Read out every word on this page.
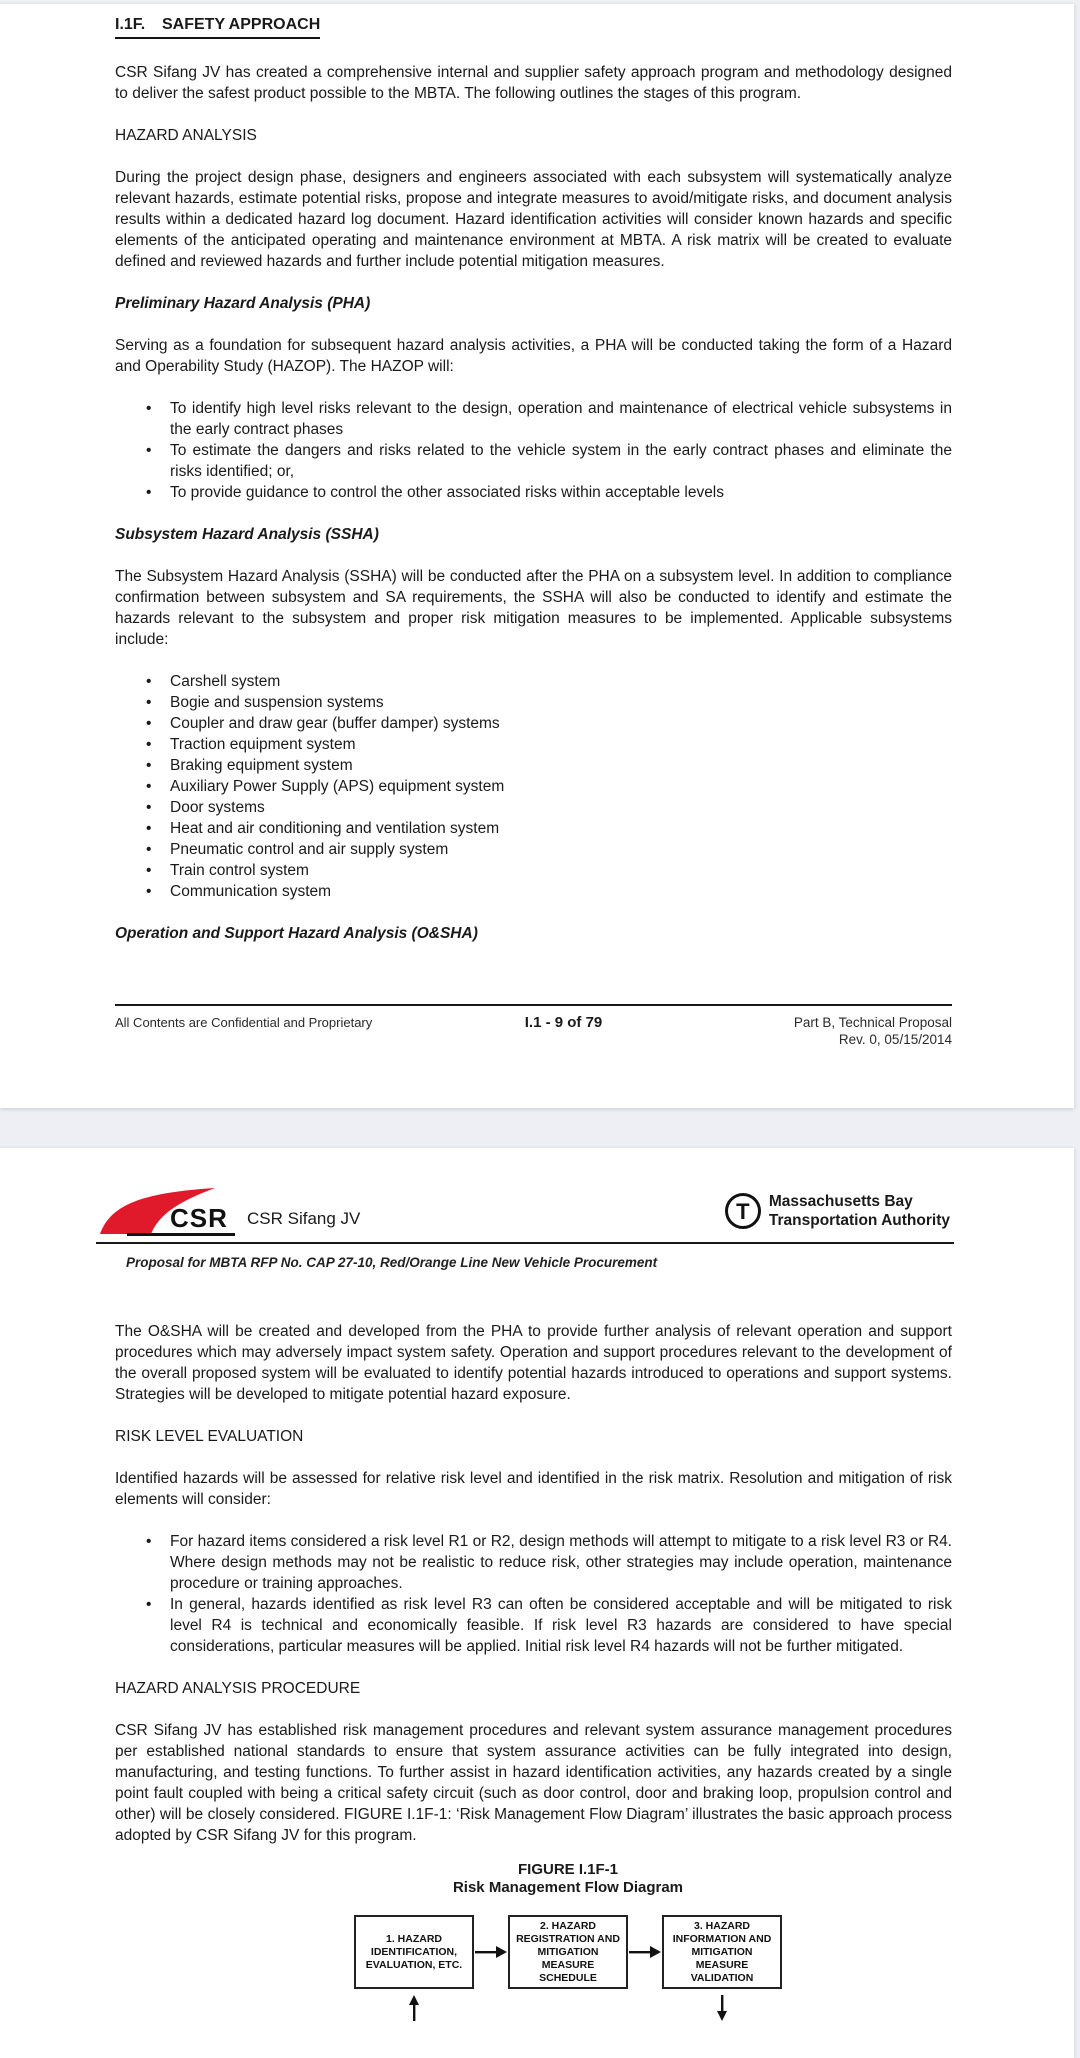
I.1F. SAFETY APPROACH

CSR Sifang JV has created a comprehensive internal and supplier safety approach program and methodology designed to deliver the safest product possible to the MBTA. The following outlines the stages of this program.

HAZARD ANALYSIS

During the project design phase, designers and engineers associated with each subsystem will systematically analyze relevant hazards, estimate potential risks, propose and integrate measures to avoid/mitigate risks, and document analysis results within a dedicated hazard log document. Hazard identification activities will consider known hazards and specific elements of the anticipated operating and maintenance environment at MBTA. A risk matrix will be created to evaluate defined and reviewed hazards and further include potential mitigation measures.

Preliminary Hazard Analysis (PHA)

Serving as a foundation for subsequent hazard analysis activities, a PHA will be conducted taking the form of a Hazard and Operability Study (HAZOP). The HAZOP will:

• To identify high level risks relevant to the design, operation and maintenance of electrical vehicle subsystems in the early contract phases
• To estimate the dangers and risks related to the vehicle system in the early contract phases and eliminate the risks identified; or,
• To provide guidance to control the other associated risks within acceptable levels

Subsystem Hazard Analysis (SSHA)

The Subsystem Hazard Analysis (SSHA) will be conducted after the PHA on a subsystem level. In addition to compliance confirmation between subsystem and SA requirements, the SSHA will also be conducted to identify and estimate the hazards relevant to the subsystem and proper risk mitigation measures to be implemented. Applicable subsystems include:

• Carshell system
• Bogie and suspension systems
• Coupler and draw gear (buffer damper) systems
• Traction equipment system
• Braking equipment system
• Auxiliary Power Supply (APS) equipment system
• Door systems
• Heat and air conditioning and ventilation system
• Pneumatic control and air supply system
• Train control system
• Communication system

Operation and Support Hazard Analysis (O&SHA)

All Contents are Confidential and Proprietary	I.1 - 9 of 79	Part B, Technical Proposal
Rev. 0, 05/15/2014
CSR CSR Sifang JV	T	Massachusetts Bay
Transportation Authority
Proposal for MBTA RFP No. CAP 27-10, Red/Orange Line New Vehicle Procurement

The O&SHA will be created and developed from the PHA to provide further analysis of relevant operation and support procedures which may adversely impact system safety. Operation and support procedures relevant to the development of the overall proposed system will be evaluated to identify potential hazards introduced to operations and support systems. Strategies will be developed to mitigate potential hazard exposure.

RISK LEVEL EVALUATION

Identified hazards will be assessed for relative risk level and identified in the risk matrix. Resolution and mitigation of risk elements will consider:

• For hazard items considered a risk level R1 or R2, design methods will attempt to mitigate to a risk level R3 or R4. Where design methods may not be realistic to reduce risk, other strategies may include operation, maintenance procedure or training approaches.
• In general, hazards identified as risk level R3 can often be considered acceptable and will be mitigated to risk level R4 is technical and economically feasible. If risk level R3 hazards are considered to have special considerations, particular measures will be applied. Initial risk level R4 hazards will not be further mitigated.

HAZARD ANALYSIS PROCEDURE

CSR Sifang JV has established risk management procedures and relevant system assurance management procedures per established national standards to ensure that system assurance activities can be fully integrated into design, manufacturing, and testing functions. To further assist in hazard identification activities, any hazards created by a single point fault coupled with being a critical safety circuit (such as door control, door and braking loop, propulsion control and other) will be closely considered. FIGURE I.1F-1: ‘Risk Management Flow Diagram’ illustrates the basic approach process adopted by CSR Sifang JV for this program.

FIGURE I.1F-1
Risk Management Flow Diagram
1. HAZARD IDENTIFICATION, EVALUATION, ETC.
2. HAZARD REGISTRATION AND MITIGATION MEASURE SCHEDULE
3. HAZARD INFORMATION AND MITIGATION MEASURE VALIDATION
